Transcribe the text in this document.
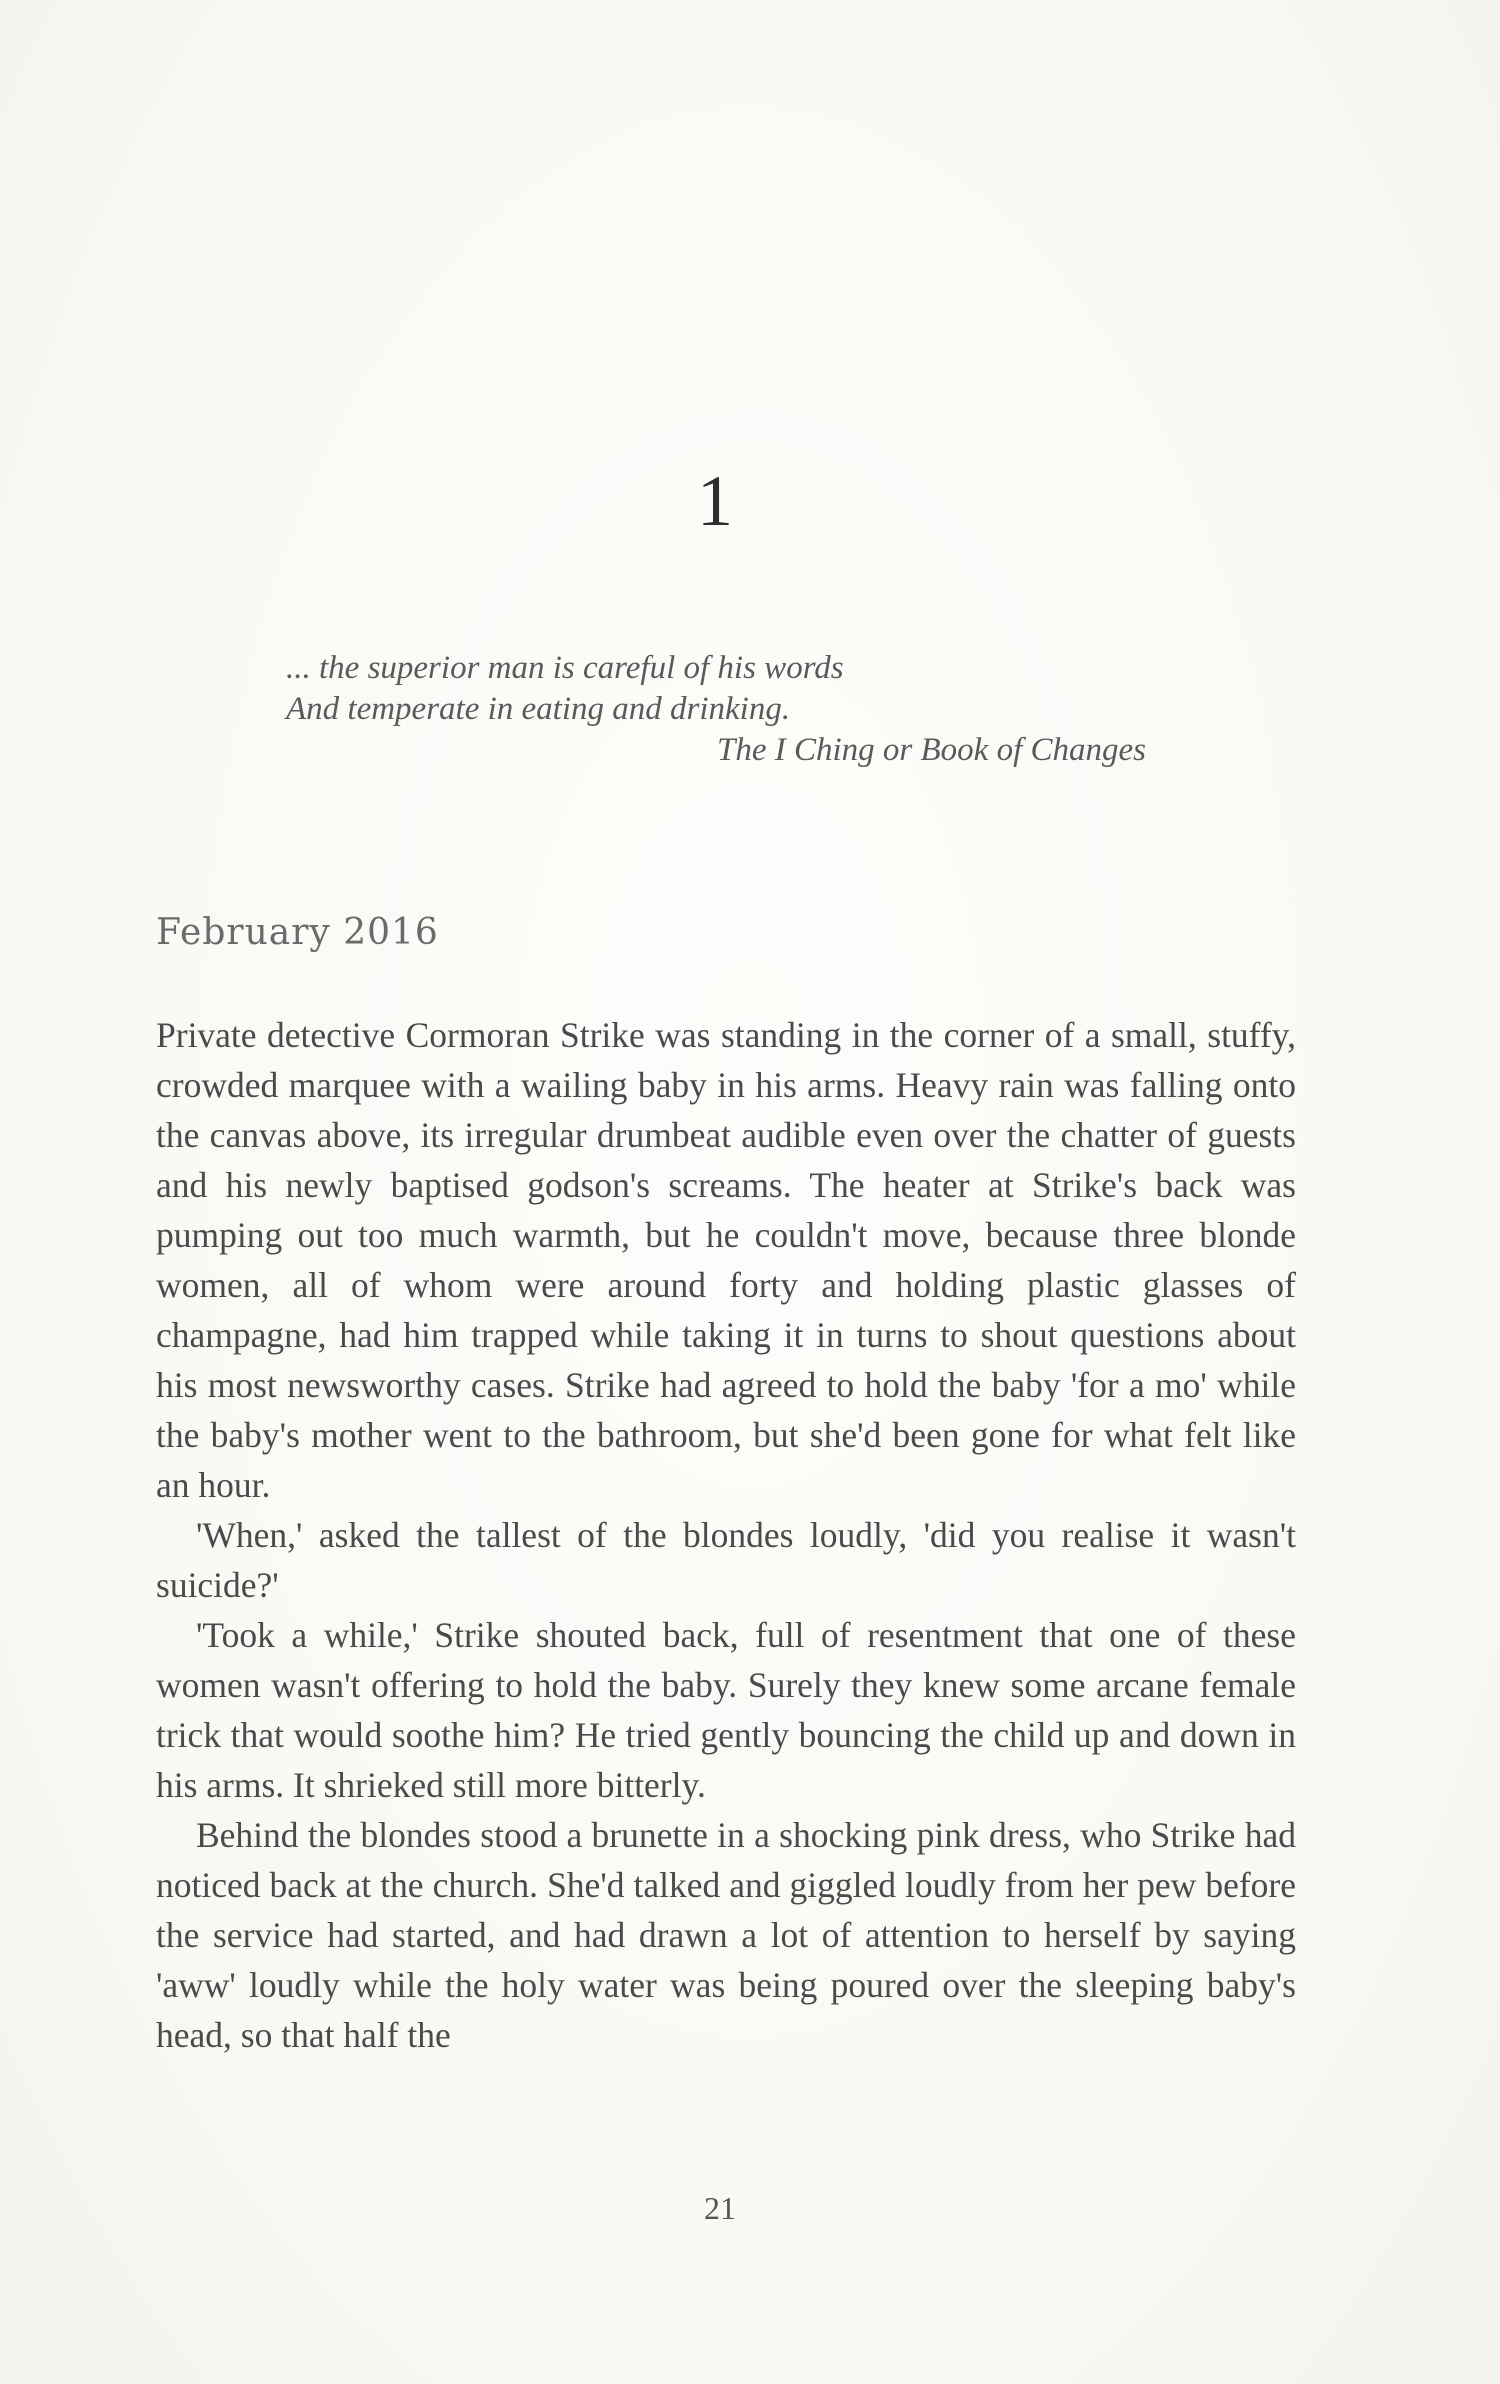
1
... the superior man is careful of his words
And temperate in eating and drinking.
The I Ching or Book of Changes
February 2016

Private detective Cormoran Strike was standing in the corner of a small, stuffy, crowded marquee with a wailing baby in his arms. Heavy rain was falling onto the canvas above, its irregular drumbeat audible even over the chatter of guests and his newly baptised godson's screams. The heater at Strike's back was pumping out too much warmth, but he couldn't move, because three blonde women, all of whom were around forty and holding plastic glasses of champagne, had him trapped while taking it in turns to shout questions about his most newsworthy cases. Strike had agreed to hold the baby 'for a mo' while the baby's mother went to the bathroom, but she'd been gone for what felt like an hour.

'When,' asked the tallest of the blondes loudly, 'did you realise it wasn't suicide?'

'Took a while,' Strike shouted back, full of resentment that one of these women wasn't offering to hold the baby. Surely they knew some arcane female trick that would soothe him? He tried gently bouncing the child up and down in his arms. It shrieked still more bitterly.

Behind the blondes stood a brunette in a shocking pink dress, who Strike had noticed back at the church. She'd talked and giggled loudly from her pew before the service had started, and had drawn a lot of attention to herself by saying 'aww' loudly while the holy water was being poured over the sleeping baby's head, so that half the

21
